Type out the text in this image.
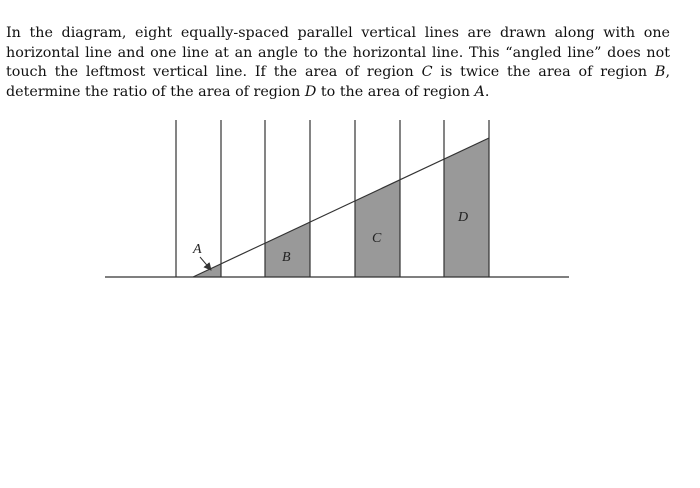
In the diagram, eight equally-spaced parallel vertical lines are drawn along with one horizontal line and one line at an angle to the horizontal line. This “angled line” does not touch the leftmost vertical line. If the area of region C is twice the area of region B, determine the ratio of the area of region D to the area of region A.
A
B
C
D
